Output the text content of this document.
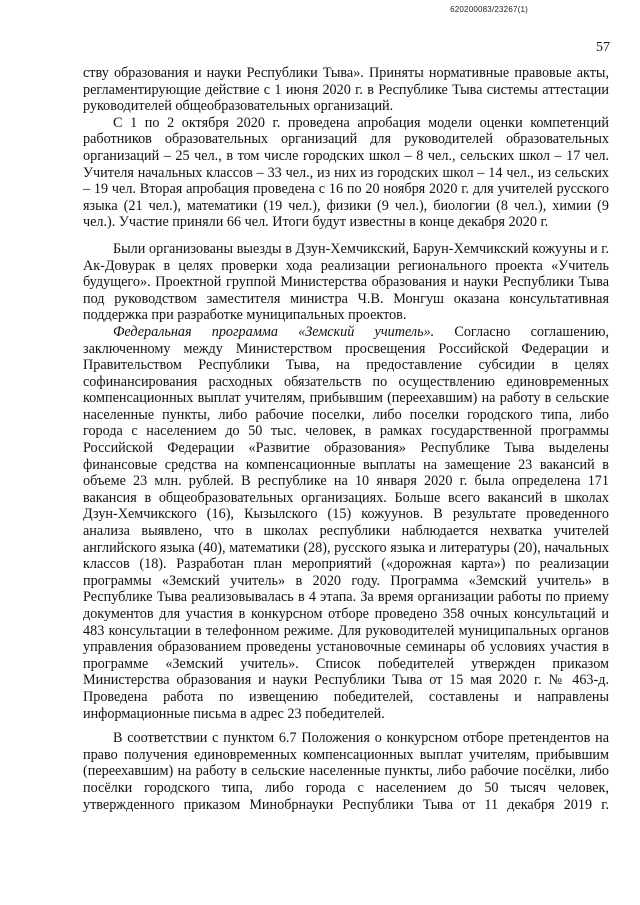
620200083/23267(1)
57

ству образования и науки Республики Тыва». Приняты нормативные правовые акты, регламентирующие действие с 1 июня 2020 г. в Республике Тыва системы аттестации руководителей общеобразовательных организаций.

С 1 по 2 октября 2020 г. проведена апробация модели оценки компетенций работников образовательных организаций для руководителей образовательных организаций – 25 чел., в том числе городских школ – 8 чел., сельских школ – 17 чел. Учителя начальных классов – 33 чел., из них из городских школ – 14 чел., из сельских – 19 чел. Вторая апробация проведена с 16 по 20 ноября 2020 г. для учителей русского языка (21 чел.), математики (19 чел.), физики (9 чел.), биологии (8 чел.), химии (9 чел.). Участие приняли 66 чел. Итоги будут известны в конце декабря 2020 г.

Были организованы выезды в Дзун-Хемчикский, Барун-Хемчикский кожууны и г. Ак-Довурак в целях проверки хода реализации регионального проекта «Учитель будущего». Проектной группой Министерства образования и науки Республики Тыва под руководством заместителя министра Ч.В. Монгуш оказана консультативная поддержка при разработке муниципальных проектов.

Федеральная программа «Земский учитель». Согласно соглашению, заключенному между Министерством просвещения Российской Федерации и Правительством Республики Тыва, на предоставление субсидии в целях софинансирования расходных обязательств по осуществлению единовременных компенсационных выплат учителям, прибывшим (переехавшим) на работу в сельские населенные пункты, либо рабочие поселки, либо поселки городского типа, либо города с населением до 50 тыс. человек, в рамках государственной программы Российской Федерации «Развитие образования» Республике Тыва выделены финансовые средства на компенсационные выплаты на замещение 23 вакансий в объеме 23 млн. рублей. В республике на 10 января 2020 г. была определена 171 вакансия в общеобразовательных организациях. Больше всего вакансий в школах Дзун-Хемчикского (16), Кызылского (15) кожуунов. В результате проведенного анализа выявлено, что в школах республики наблюдается нехватка учителей английского языка (40), математики (28), русского языка и литературы (20), начальных классов (18). Разработан план мероприятий («дорожная карта») по реализации программы «Земский учитель» в 2020 году. Программа «Земский учитель» в Республике Тыва реализовывалась в 4 этапа. За время организации работы по приему документов для участия в конкурсном отборе проведено 358 очных консультаций и 483 консультации в телефонном режиме. Для руководителей муниципальных органов управления образованием проведены установочные семинары об условиях участия в программе «Земский учитель». Список победителей утвержден приказом Министерства образования и науки Республики Тыва от 15 мая 2020 г. № 463-д. Проведена работа по извещению победителей, составлены и направлены информационные письма в адрес 23 победителей.

В соответствии с пунктом 6.7 Положения о конкурсном отборе претендентов на право получения единовременных компенсационных выплат учителям, прибывшим (переехавшим) на работу в сельские населенные пункты, либо рабочие посёлки, либо посёлки городского типа, либо города с населением до 50 тысяч человек, утвержденного приказом Минобрнауки Республики Тыва от 11 декабря 2019 г.
